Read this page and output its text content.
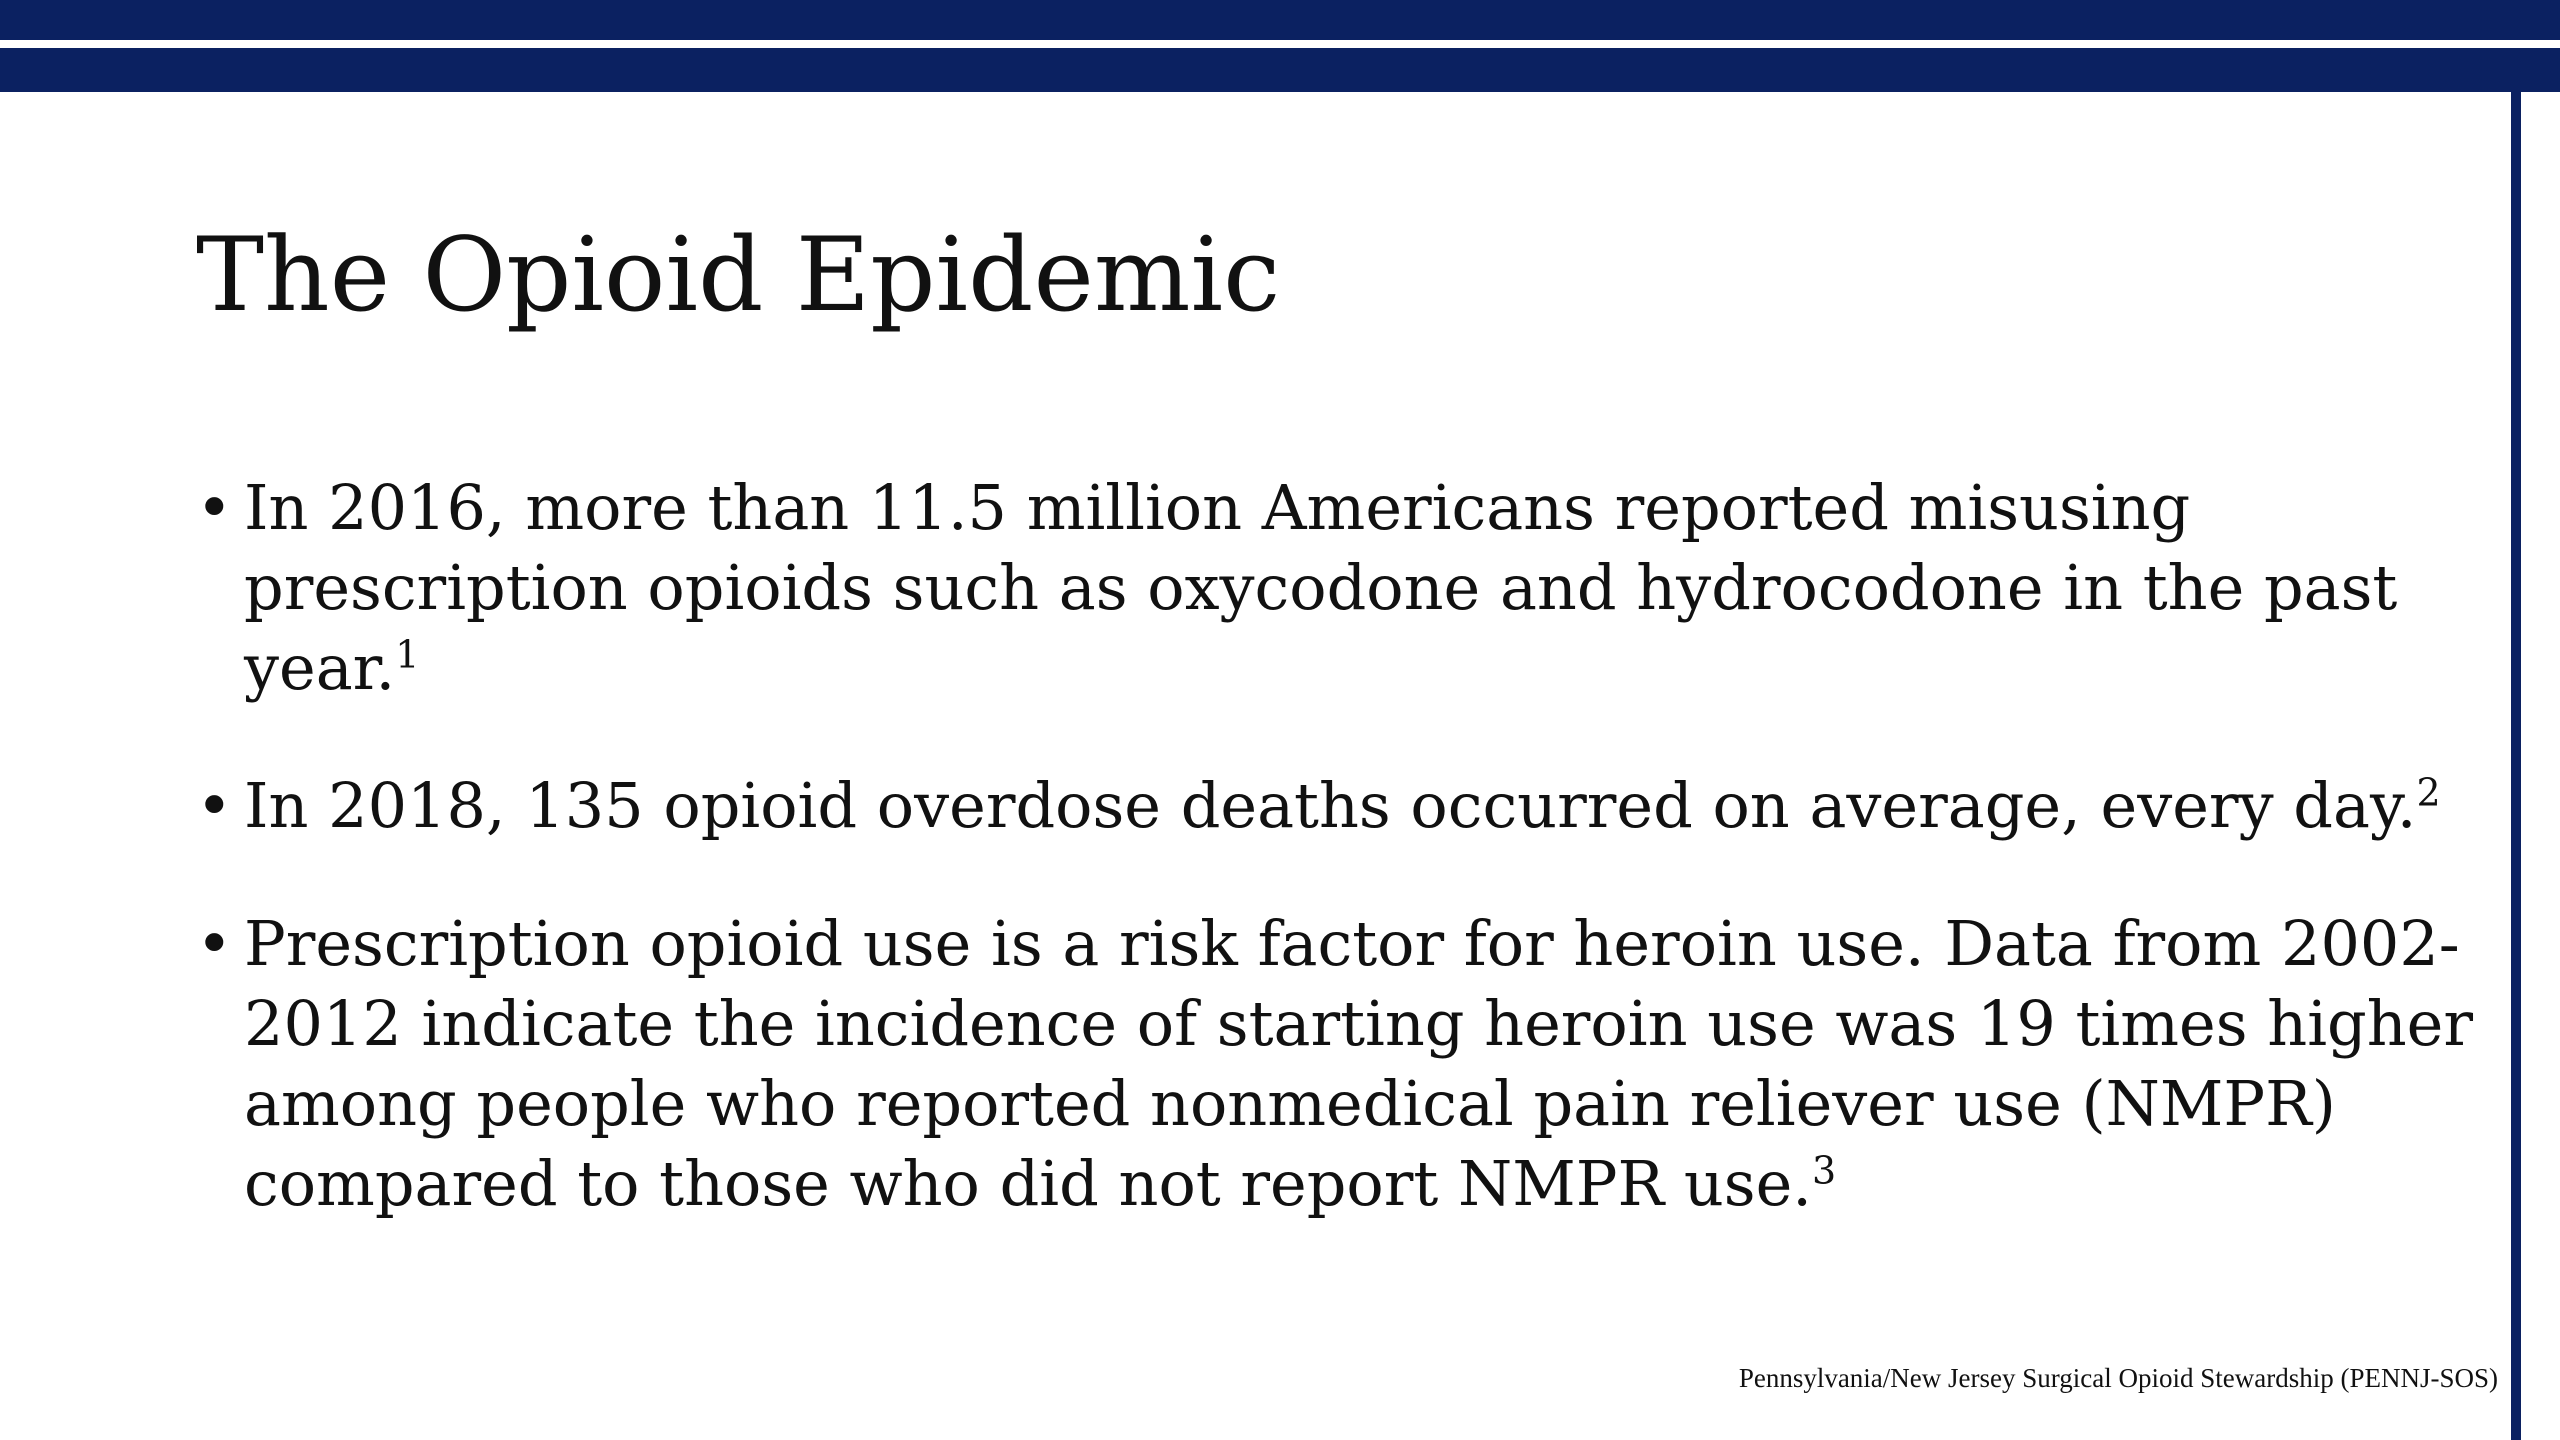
The Opioid Epidemic
• In 2016, more than 11.5 million Americans reported misusing prescription opioids such as oxycodone and hydrocodone in the past year.$^1$
• In 2018, 135 opioid overdose deaths occurred on average, every day.$^2$
• Prescription opioid use is a risk factor for heroin use. Data from 2002-2012 indicate the incidence of starting heroin use was 19 times higher among people who reported nonmedical pain reliever use (NMPR) compared to those who did not report NMPR use.$^3$
Pennsylvania/New Jersey Surgical Opioid Stewardship (PENNJ-SOS)
